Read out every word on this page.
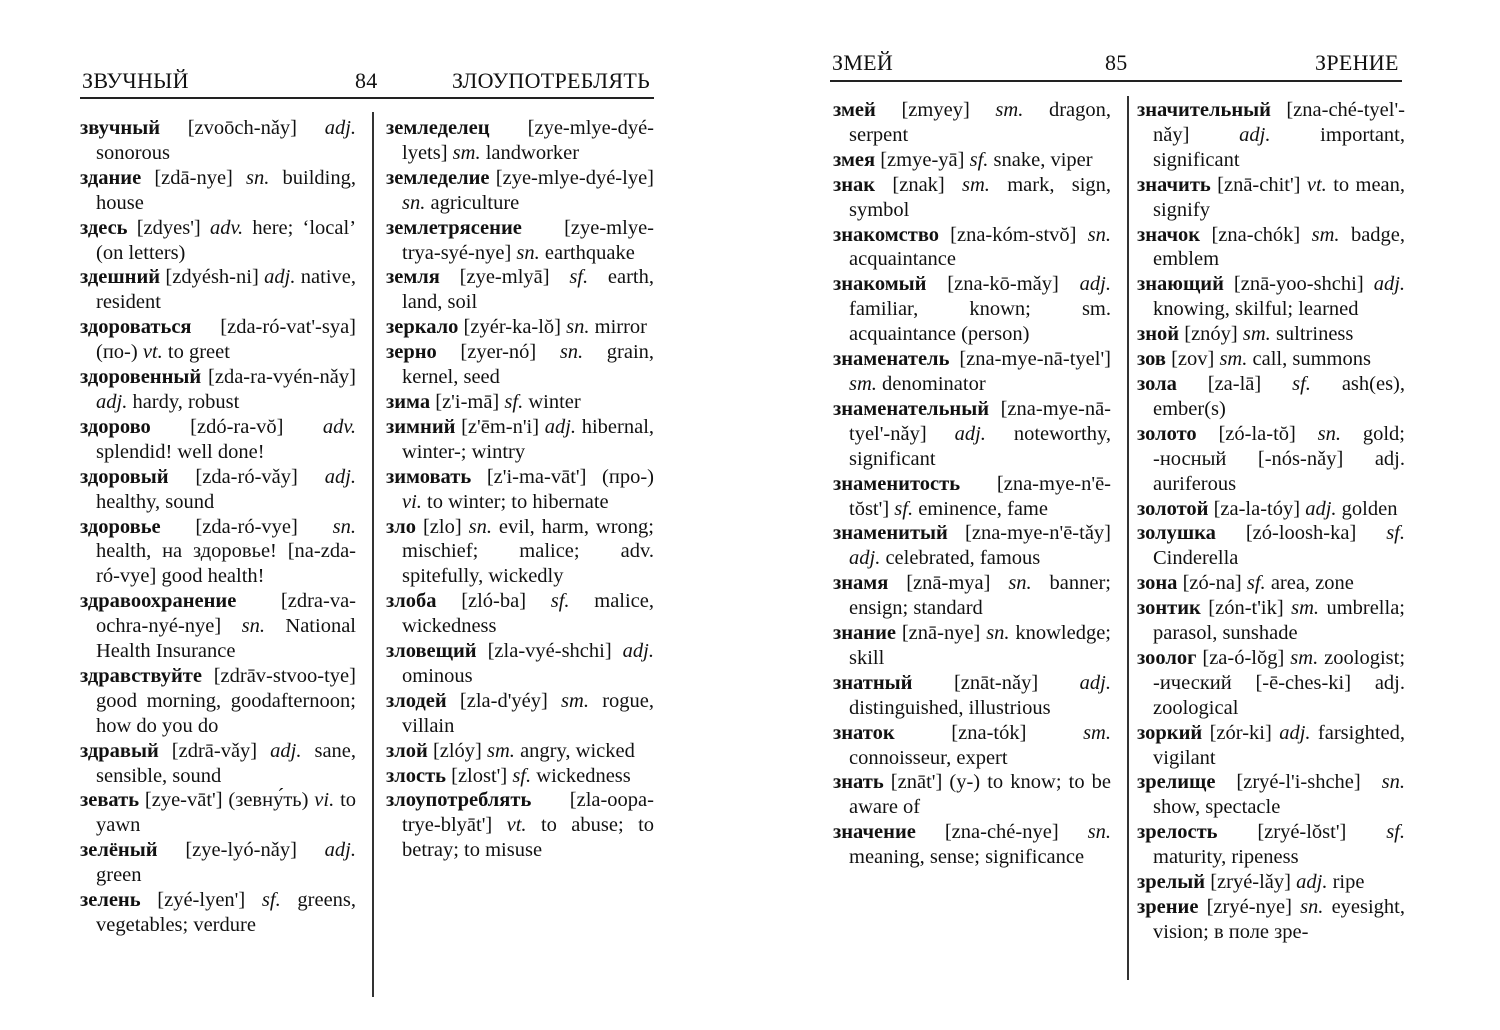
ЗВУЧНЫЙ	84	ЗЛОУПОТРЕБЛЯТЬ

звучный [zvoōch-nǎy] adj. sonorous

здание [zdā-nye] sn. building, house

здесь [zdyes'] adv. here; ‘local’ (on letters)

здешний [zdyésh-ni] adj. native, resident

здороваться [zda-ró-vat'-sya] (по-) vt. to greet

здоровенный [zda-ra-vyén-nǎy] adj. hardy, robust

здорово [zdó-ra-vŏ] adv. splendid! well done!

здоровый [zda-ró-vǎy] adj. healthy, sound

здоровье [zda-ró-vye] sn. health, на здоровье! [na-zda-ró-vye] good health!

здравоохранение [zdra-va-ochra-nyé-nye] sn. National Health Insurance

здравствуйте [zdrāv-stvoo-tye] good morning, goodafternoon; how do you do

здравый [zdrā-vǎy] adj. sane, sensible, sound

зевать [zye-vāt'] (зевну́ть) vi. to yawn

зелёный [zye-lyó-nǎy] adj. green

зелень [zyé-lyen'] sf. greens, vegetables; verdure

земледелец [zye-mlye-dyé-lyets] sm. landworker

земледелие [zye-mlye-dyé-lye] sn. agriculture

землетрясение [zye-mlye-trya-syé-nye] sn. earthquake

земля [zye-mlyā] sf. earth, land, soil

зеркало [zyér-ka-lŏ] sn. mirror

зерно [zyer-nó] sn. grain, kernel, seed

зима [z'i-mā] sf. winter

зимний [z'ēm-n'i] adj. hibernal, winter-; wintry

зимовать [z'i-ma-vāt'] (про-) vi. to winter; to hibernate

зло [zlo] sn. evil, harm, wrong; mischief; malice; adv. spitefully, wickedly

злоба [zló-ba] sf. malice, wickedness

зловещий [zla-vyé-shchi] adj. ominous

злодей [zla-d'yéy] sm. rogue, villain

злой [zlóy] sm. angry, wicked

злость [zlost'] sf. wickedness

злоупотреблять [zla-oopa-trye-blyāt'] vt. to abuse; to betray; to misuse

ЗМЕЙ	85	ЗРЕНИЕ

змей [zmyey] sm. dragon, serpent

змея [zmye-yā] sf. snake, viper

знак [znak] sm. mark, sign, symbol

знакомство [zna-kóm-stvŏ] sn. acquaintance

знакомый [zna-kō-mǎy] adj. familiar, known; sm. acquaintance (person)

знаменатель [zna-mye-nā-tyel'] sm. denominator

знаменательный [zna-mye-nā-tyel'-nǎy] adj. noteworthy, significant

знаменитость [zna-mye-n'ē-tŏst'] sf. eminence, fame

знаменитый [zna-mye-n'ē-tǎy] adj. celebrated, famous

знамя [znā-mya] sn. banner; ensign; standard

знание [znā-nye] sn. knowledge; skill

знатный [znāt-nǎy] adj. distinguished, illustrious

знаток	[zna-tók]	sm. connoisseur, expert

знать [znāt'] (у-) to know; to be aware of

значение [zna-ché-nye] sn. meaning, sense; significance

значительный [zna-ché-tyel'-nǎy] adj. important, significant

значить [znā-chit'] vt. to mean, signify

значок [zna-chók] sm. badge, emblem

знающий [znā-yoo-shchi] adj. knowing, skilful; learned

зной [znóy] sm. sultriness

зов [zov] sm. call, summons

зола [za-lā] sf. ash(es), ember(s)

золото [zó-la-tŏ] sn. gold; -носный [-nós-nǎy] adj. auriferous

золотой [za-la-tóy] adj. golden

золушка [zó-loosh-ka] sf. Cinderella

зона [zó-na] sf. area, zone

зонтик [zón-t'ik] sm. umbrella; parasol, sunshade

зоолог [za-ó-lŏg] sm. zoologist; -ический [-ē-ches-ki] adj. zoological

зоркий [zór-ki] adj. farsighted, vigilant

зрелище [zryé-l'i-shche] sn. show, spectacle

зрелость [zryé-lŏst'] sf. maturity, ripeness

зрелый [zryé-lǎy] adj. ripe

зрение [zryé-nye] sn. eyesight, vision; в поле зре-
